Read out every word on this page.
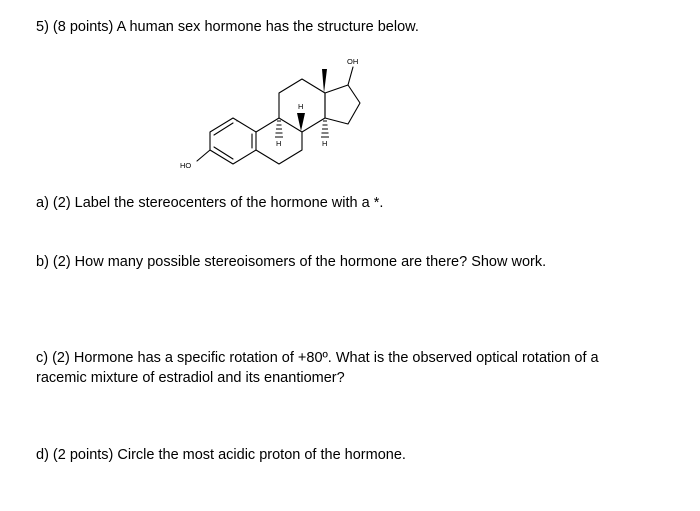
5) (8 points) A human sex hormone has the structure below.
OH
HO
H
H	H
a) (2) Label the stereocenters of the hormone with a *.
b) (2) How many possible stereoisomers of the hormone are there? Show work.
c) (2) Hormone has a specific rotation of +80º. What is the observed optical rotation of a
racemic mixture of estradiol and its enantiomer?
d) (2 points) Circle the most acidic proton of the hormone.
